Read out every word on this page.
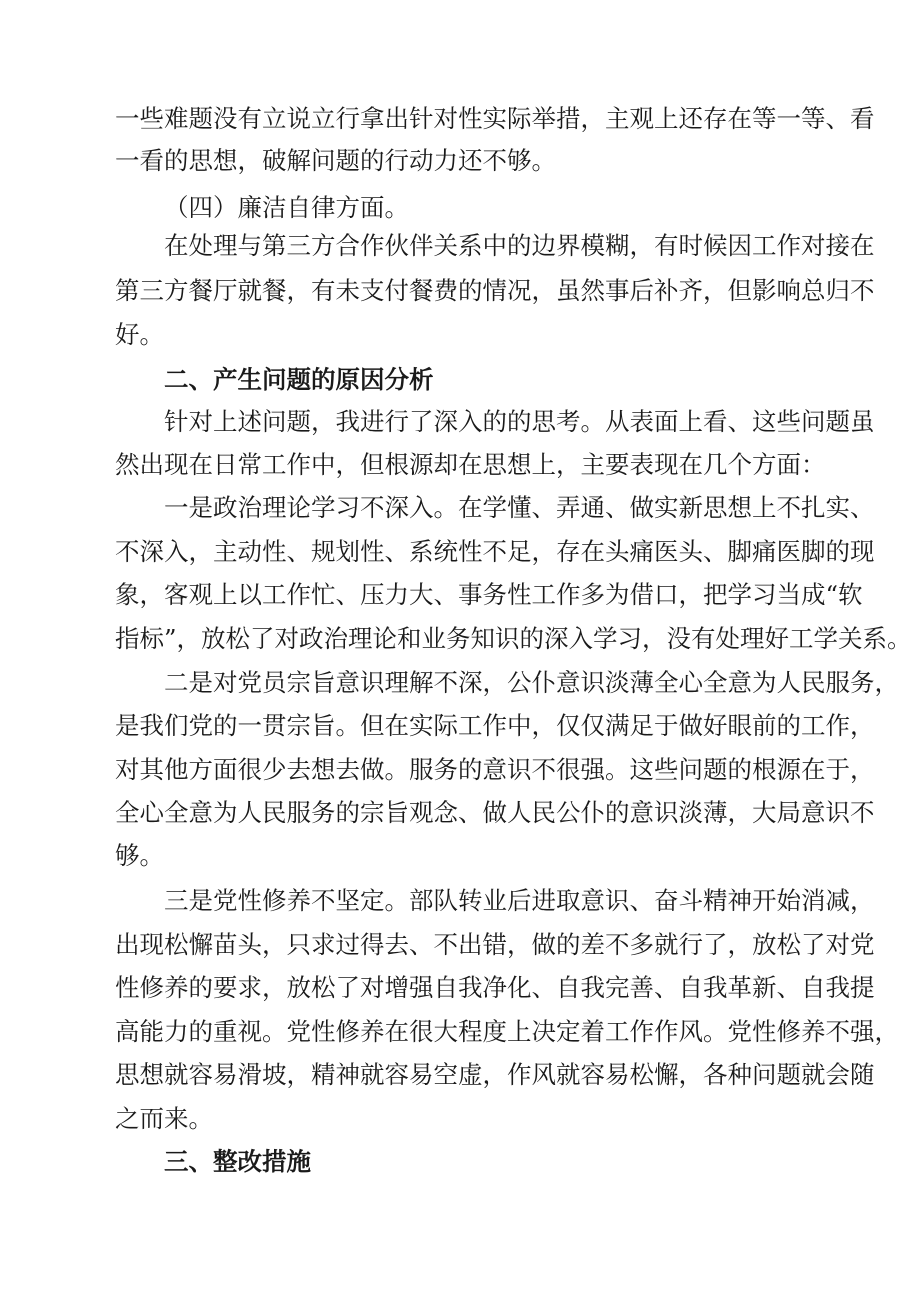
一些难题没有立说立行拿出针对性实际举措，主观上还存在等一等、看
一看的思想，破解问题的行动力还不够。
（四）廉洁自律方面。
在处理与第三方合作伙伴关系中的边界模糊，有时候因工作对接在
第三方餐厅就餐，有未支付餐费的情况，虽然事后补齐，但影响总归不
好。
二、产生问题的原因分析
针对上述问题，我进行了深入的的思考。从表面上看、这些问题虽
然出现在日常工作中，但根源却在思想上，主要表现在几个方面：
一是政治理论学习不深入。在学懂、弄通、做实新思想上不扎实、
不深入，主动性、规划性、系统性不足，存在头痛医头、脚痛医脚的现
象，客观上以工作忙、压力大、事务性工作多为借口，把学习当成“软
指标”，放松了对政治理论和业务知识的深入学习，没有处理好工学关系。
二是对党员宗旨意识理解不深，公仆意识淡薄全心全意为人民服务，
是我们党的一贯宗旨。但在实际工作中，仅仅满足于做好眼前的工作，
对其他方面很少去想去做。服务的意识不很强。这些问题的根源在于，
全心全意为人民服务的宗旨观念、做人民公仆的意识淡薄，大局意识不
够。
三是党性修养不坚定。部队转业后进取意识、奋斗精神开始消减，
出现松懈苗头，只求过得去、不出错，做的差不多就行了，放松了对党
性修养的要求，放松了对增强自我净化、自我完善、自我革新、自我提
高能力的重视。党性修养在很大程度上决定着工作作风。党性修养不强，
思想就容易滑坡，精神就容易空虚，作风就容易松懈，各种问题就会随
之而来。
三、整改措施
